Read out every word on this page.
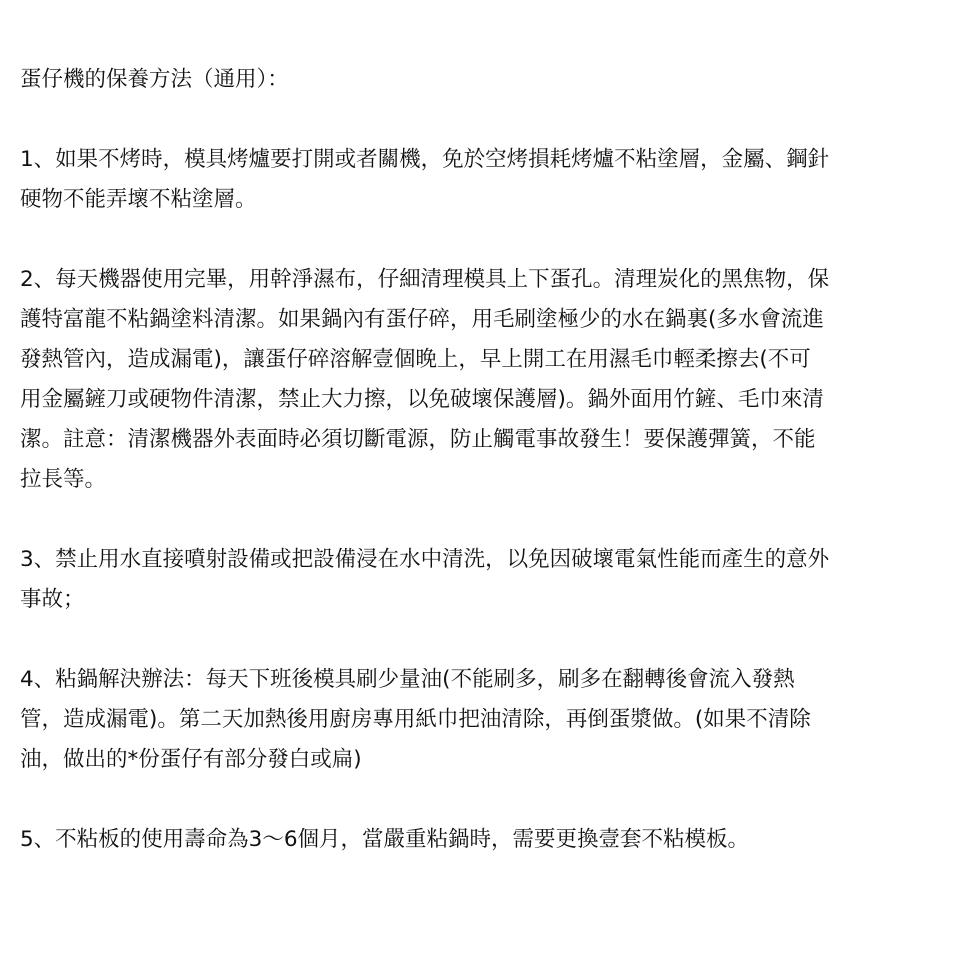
蛋仔機的保養方法（通用）：

1、如果不烤時，模具烤爐要打開或者關機，免於空烤損耗烤爐不粘塗層，金屬、鋼針
硬物不能弄壞不粘塗層。

2、每天機器使用完畢，用幹淨濕布，仔細清理模具上下蛋孔。清理炭化的黑焦物，保
護特富龍不粘鍋塗料清潔。如果鍋內有蛋仔碎，用毛刷塗極少的水在鍋裏(多水會流進
發熱管內，造成漏電)，讓蛋仔碎溶解壹個晚上，早上開工在用濕毛巾輕柔擦去(不可
用金屬鏟刀或硬物件清潔，禁止大力擦，以免破壞保護層)。鍋外面用竹鏟、毛巾來清
潔。註意：清潔機器外表面時必須切斷電源，防止觸電事故發生！要保護彈簧，不能
拉長等。

3、禁止用水直接噴射設備或把設備浸在水中清洗，以免因破壞電氣性能而產生的意外
事故；

4、粘鍋解決辦法：每天下班後模具刷少量油(不能刷多，刷多在翻轉後會流入發熱
管，造成漏電)。第二天加熱後用廚房專用紙巾把油清除，再倒蛋漿做。(如果不清除
油，做出的*份蛋仔有部分發白或扁)

5、不粘板的使用壽命為3～6個月，當嚴重粘鍋時，需要更換壹套不粘模板。
